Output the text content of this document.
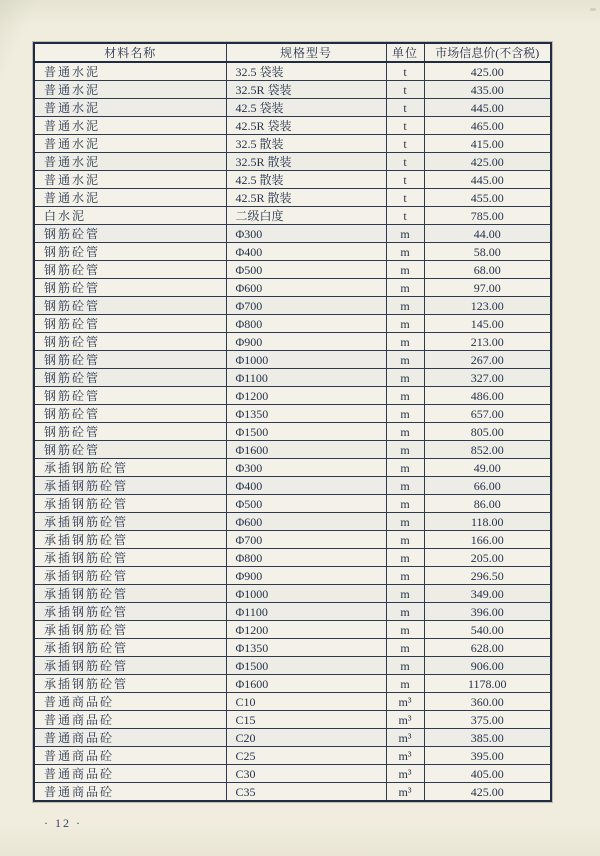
材料名称	规格型号	单位	市场信息价(不含税)
普通水泥	32.5 袋装	t	425.00
普通水泥	32.5R 袋装	t	435.00
普通水泥	42.5 袋装	t	445.00
普通水泥	42.5R 袋装	t	465.00
普通水泥	32.5 散装	t	415.00
普通水泥	32.5R 散装	t	425.00
普通水泥	42.5 散装	t	445.00
普通水泥	42.5R 散装	t	455.00
白水泥	二级白度	t	785.00
钢筋砼管	Φ300	m	44.00
钢筋砼管	Φ400	m	58.00
钢筋砼管	Φ500	m	68.00
钢筋砼管	Φ600	m	97.00
钢筋砼管	Φ700	m	123.00
钢筋砼管	Φ800	m	145.00
钢筋砼管	Φ900	m	213.00
钢筋砼管	Φ1000	m	267.00
钢筋砼管	Φ1100	m	327.00
钢筋砼管	Φ1200	m	486.00
钢筋砼管	Φ1350	m	657.00
钢筋砼管	Φ1500	m	805.00
钢筋砼管	Φ1600	m	852.00
承插钢筋砼管	Φ300	m	49.00
承插钢筋砼管	Φ400	m	66.00
承插钢筋砼管	Φ500	m	86.00
承插钢筋砼管	Φ600	m	118.00
承插钢筋砼管	Φ700	m	166.00
承插钢筋砼管	Φ800	m	205.00
承插钢筋砼管	Φ900	m	296.50
承插钢筋砼管	Φ1000	m	349.00
承插钢筋砼管	Φ1100	m	396.00
承插钢筋砼管	Φ1200	m	540.00
承插钢筋砼管	Φ1350	m	628.00
承插钢筋砼管	Φ1500	m	906.00
承插钢筋砼管	Φ1600	m	1178.00
普通商品砼	C10	m³	360.00
普通商品砼	C15	m³	375.00
普通商品砼	C20	m³	385.00
普通商品砼	C25	m³	395.00
普通商品砼	C30	m³	405.00
普通商品砼	C35	m³	425.00
· 12 ·
